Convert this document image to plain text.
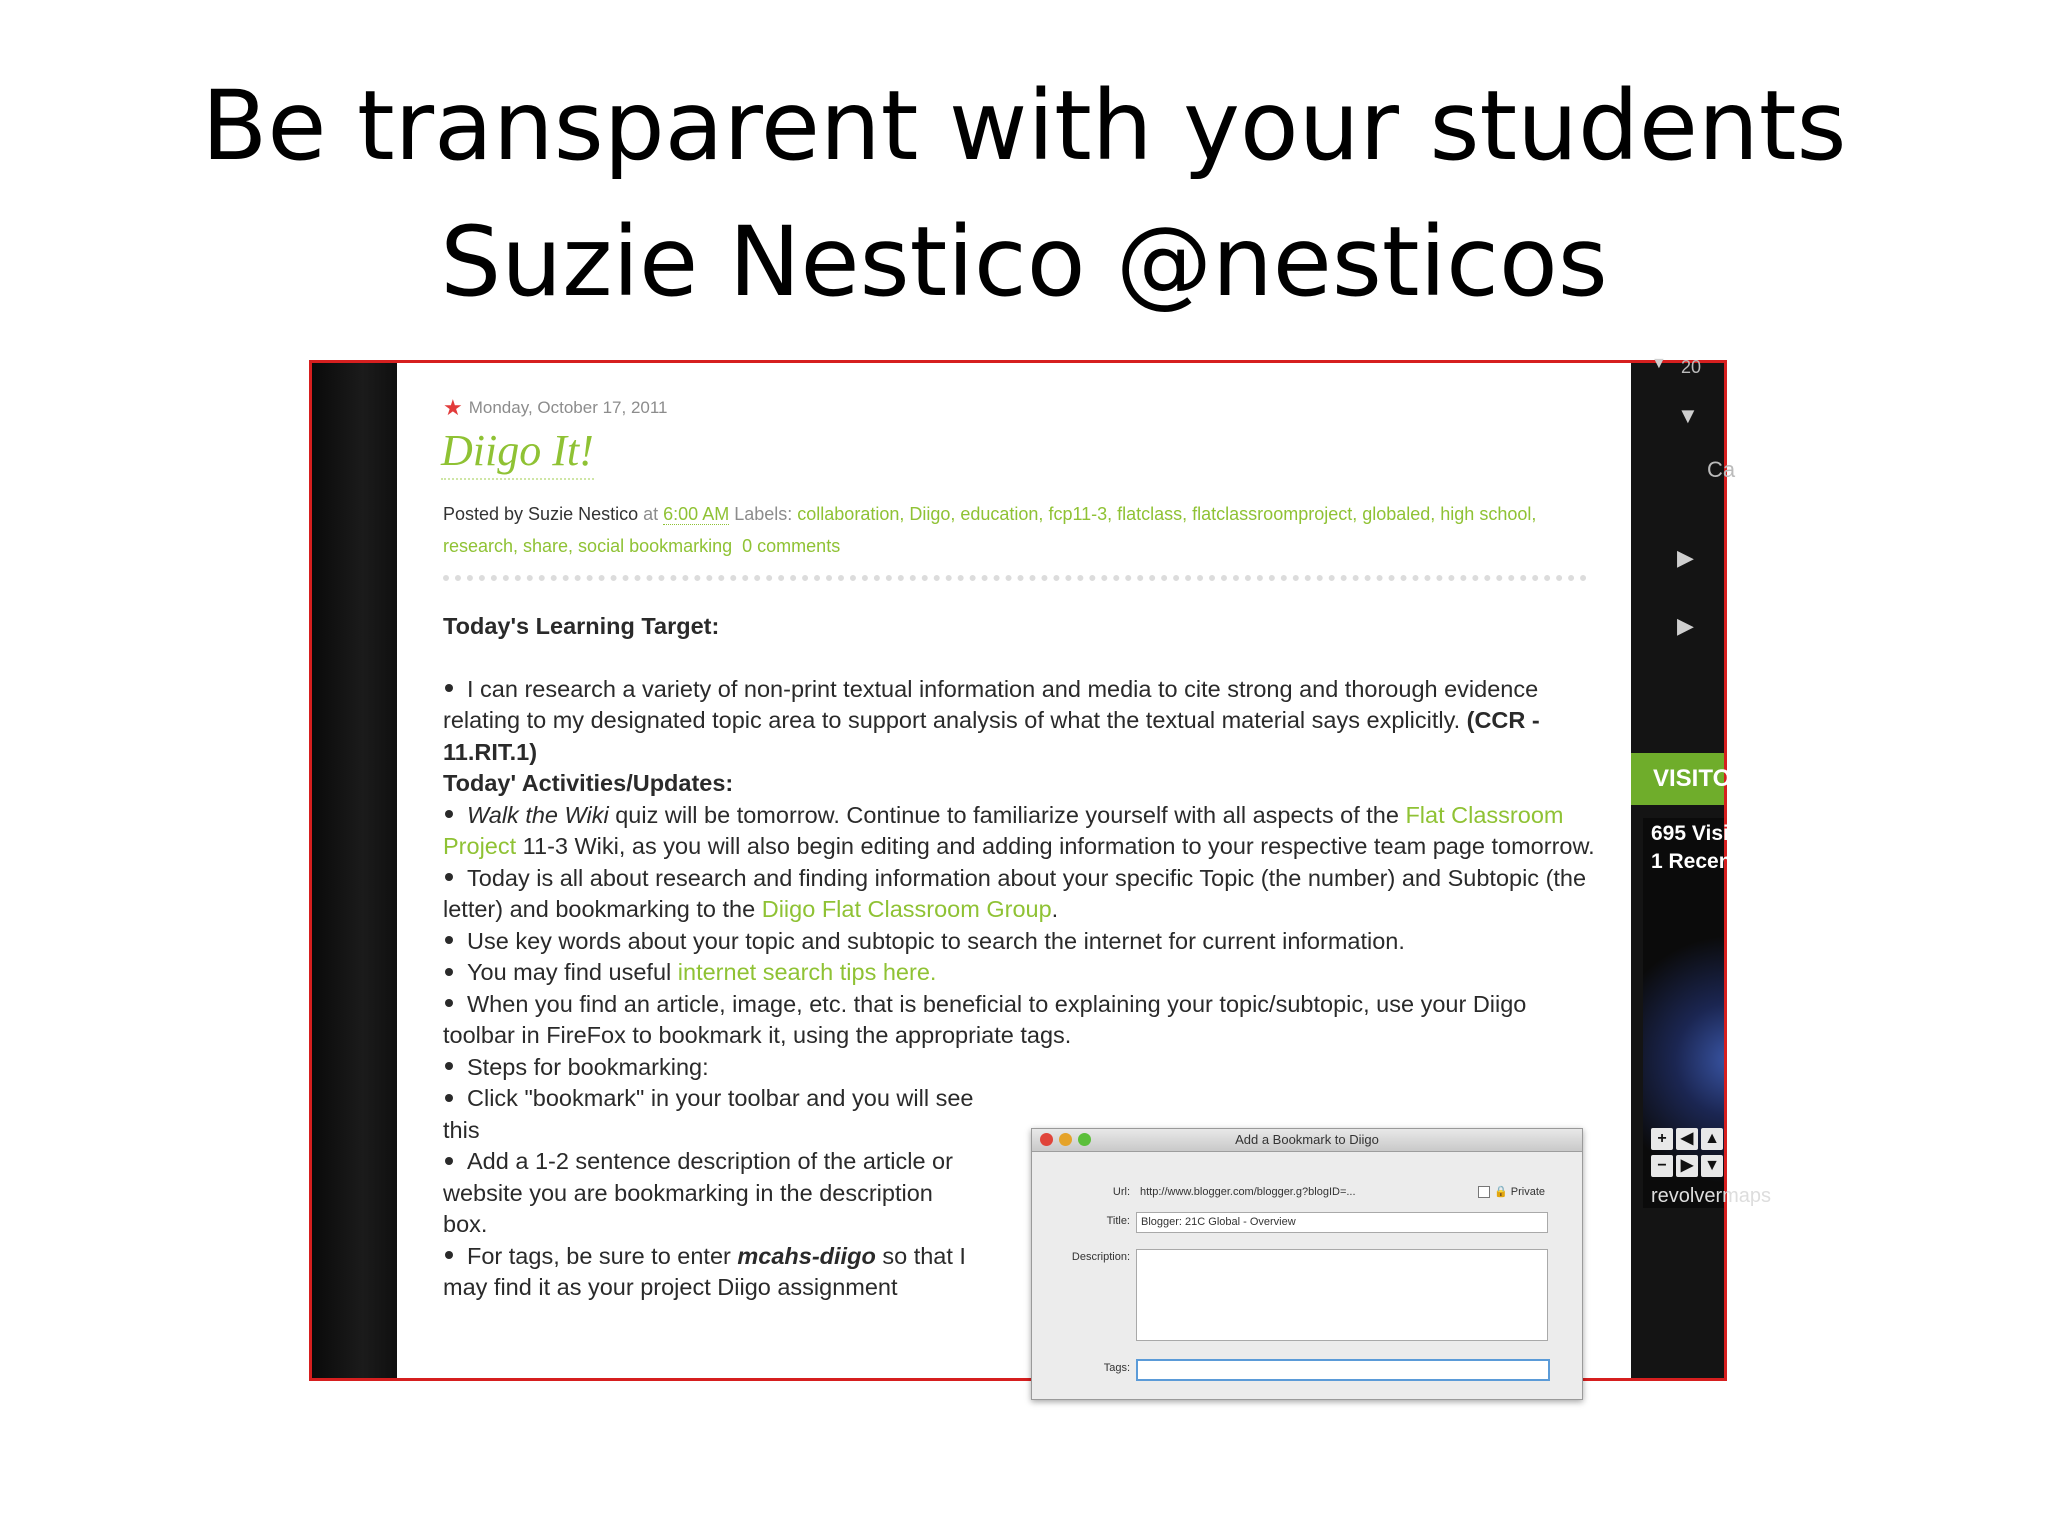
Be transparent with your students
Suzie Nestico @nesticos
★ Monday, October 17, 2011
Diigo It!
Posted by Suzie Nestico at 6:00 AM Labels: collaboration, Diigo, education, fcp11-3, flatclass, flatclassroomproject, globaled, high school, research, share, social bookmarking 0 comments

Today's Learning Target:

I can research a variety of non-print textual information and media to cite strong and thorough evidence relating to my designated topic area to support analysis of what the textual material says explicitly. (CCR - 11.RIT.1)

Today' Activities/Updates:

Walk the Wiki quiz will be tomorrow. Continue to familiarize yourself with all aspects of the Flat Classroom Project 11-3 Wiki, as you will also begin editing and adding information to your respective team page tomorrow.

Today is all about research and finding information about your specific Topic (the number) and Subtopic (the letter) and bookmarking to the Diigo Flat Classroom Group.

Use key words about your topic and subtopic to search the internet for current information.

You may find useful internet search tips here.

When you find an article, image, etc. that is beneficial to explaining your topic/subtopic, use your Diigo toolbar in FireFox to bookmark it, using the appropriate tags.

Steps for bookmarking:

Click "bookmark" in your toolbar and you will see this

Add a 1-2 sentence description of the article or website you are bookmarking in the description box.

For tags, be sure to enter mcahs-diigo so that I may find it as your project Diigo assignment

Add a Bookmark to Diigo
Url: http://www.blogger.com/blogger.g?blogID=...	🔒 Private
Title: Blogger: 21C Global - Overview
Description:
Tags:
▼ 20
▼
Ca
▶
▶
VISITORS
695 Visits
1 Recent
+ ◀ ▲
− ▶ ▼
revolvermaps
